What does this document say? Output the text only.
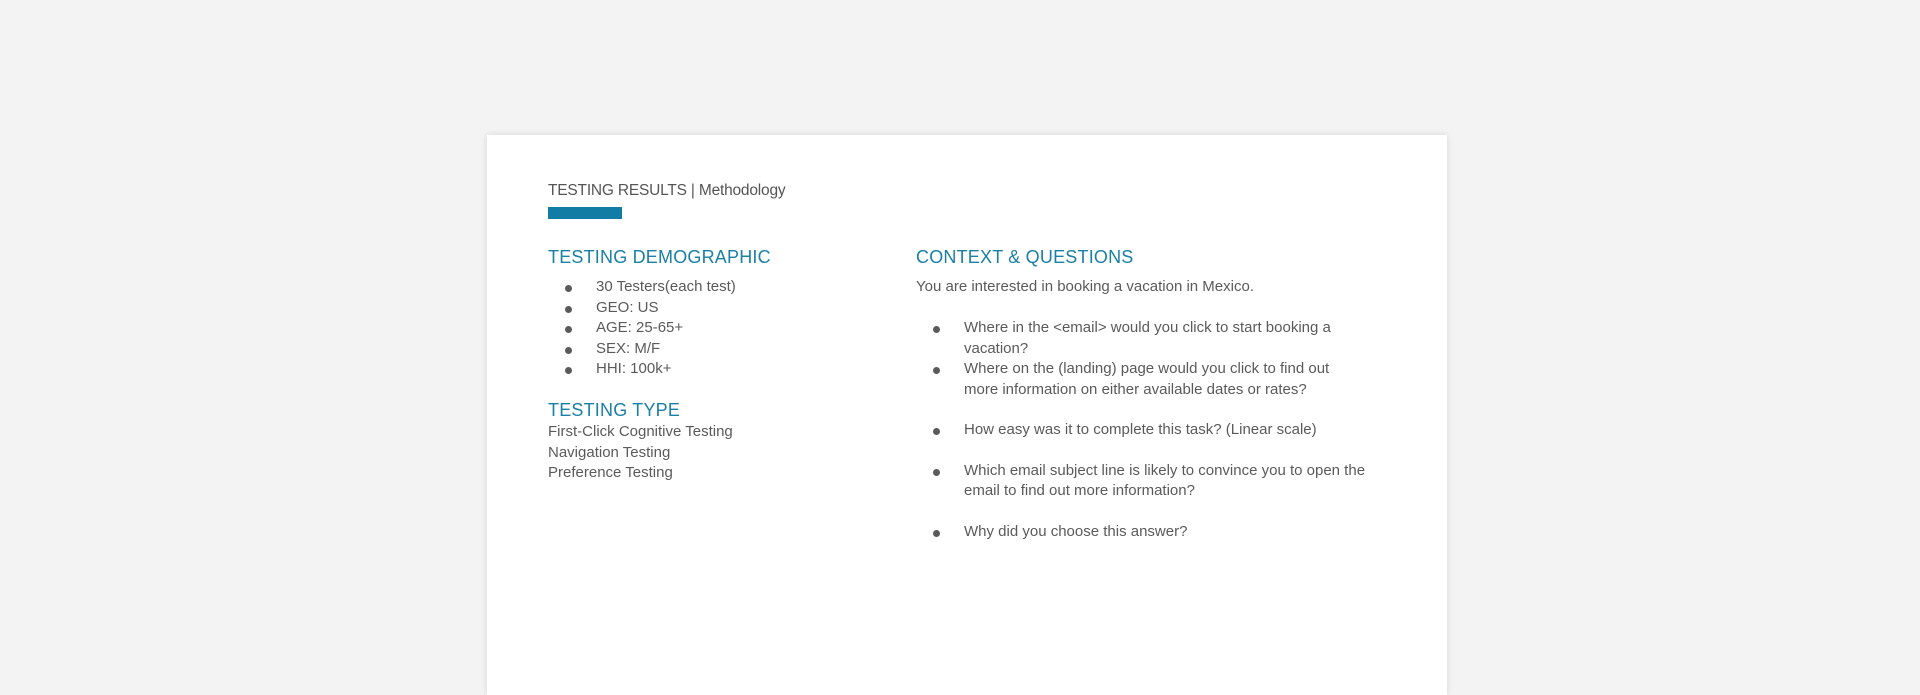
TESTING RESULTS | Methodology
TESTING DEMOGRAPHIC
30 Testers(each test)
GEO: US
AGE: 25-65+
SEX: M/F
HHI: 100k+
TESTING TYPE
First-Click Cognitive Testing
Navigation Testing
Preference Testing
CONTEXT & QUESTIONS
You are interested in booking a vacation in Mexico.
Where in the <email> would you click to start booking a vacation?
Where on the (landing) page would you click to find out more information on either available dates or rates?
How easy was it to complete this task? (Linear scale)
Which email subject line is likely to convince you to open the email to find out more information?
Why did you choose this answer?
